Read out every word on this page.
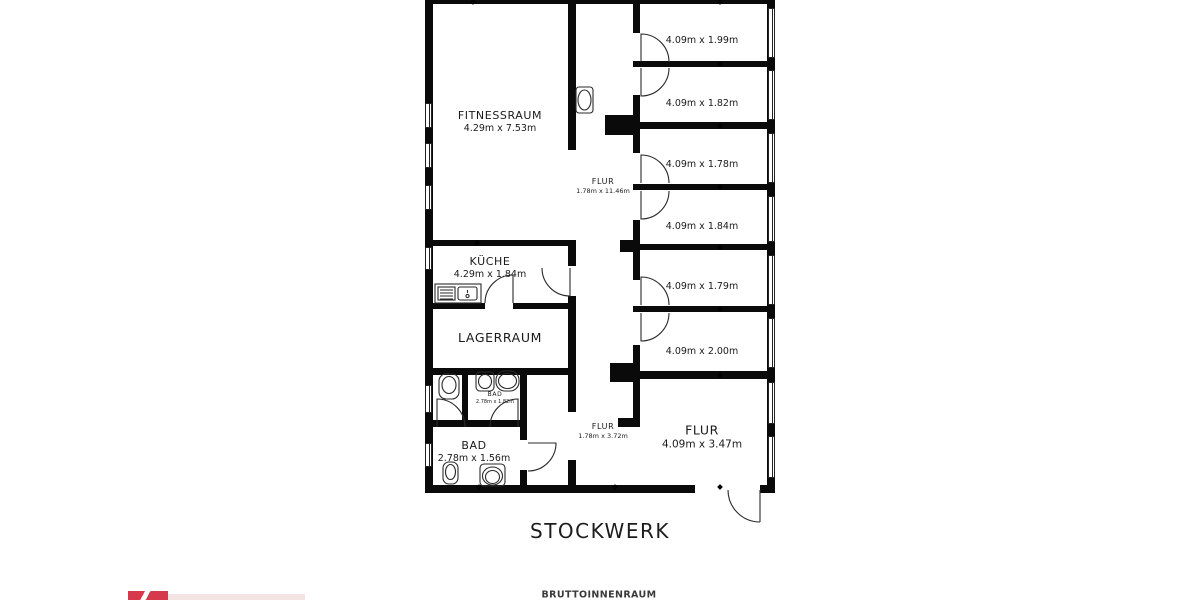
FITNESSRAUM
4.29m x 7.53m
FLUR
1.78m x 11.46m
KÜCHE
4.29m x 1.84m
LAGERRAUM
BAD
2.78m x 1.82m
BAD
2.78m x 1.56m
FLUR
1.78m x 3.72m	FLUR
4.09m x 3.47m
4.09m x 1.99m
4.09m x 1.82m
4.09m x 1.78m
4.09m x 1.84m
4.09m x 1.79m
4.09m x 2.00m
STOCKWERK
BRUTTOINNENRAUM
